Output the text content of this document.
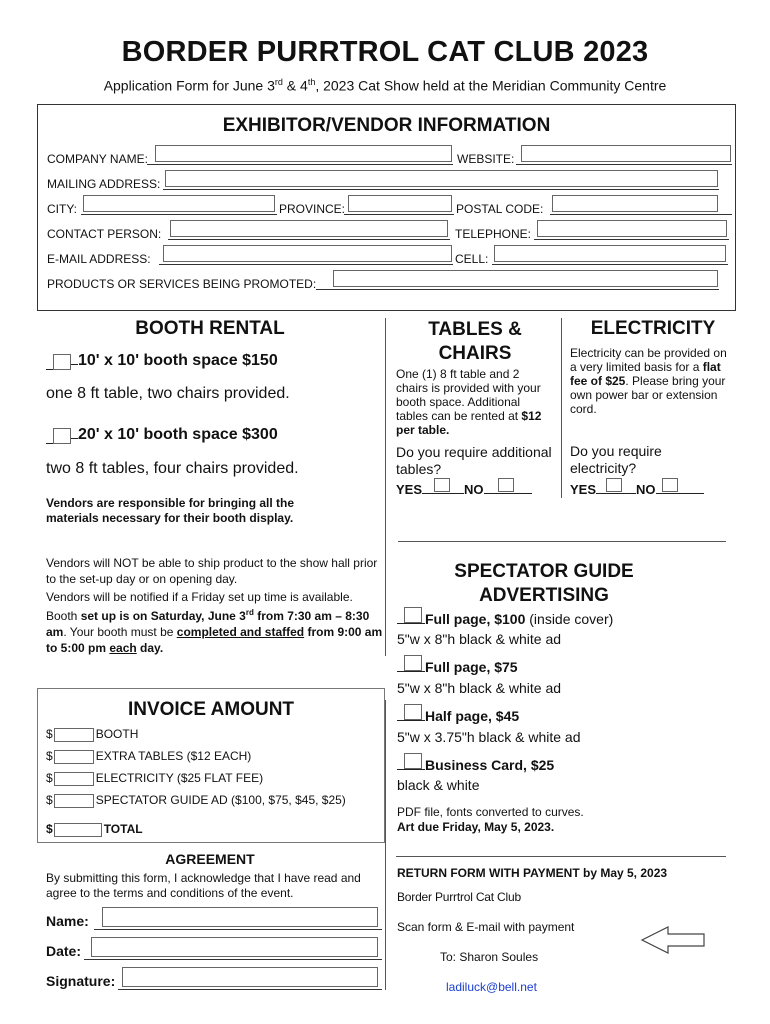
BORDER PURRTROL CAT CLUB 2023
Application Form for June 3rd & 4th, 2023 Cat Show held at the Meridian Community Centre
EXHIBITOR/VENDOR INFORMATION
COMPANY NAME:	WEBSITE:
MAILING ADDRESS:
CITY:	PROVINCE:	POSTAL CODE:
CONTACT PERSON:	TELEPHONE:
E-MAIL ADDRESS:	CELL:
PRODUCTS OR SERVICES BEING PROMOTED:
BOOTH RENTAL
10' x 10' booth space $150
one 8 ft table, two chairs provided.
20' x 10' booth space $300
two 8 ft tables, four chairs provided.
Vendors are responsible for bringing all the materials necessary for their booth display.
Vendors will NOT be able to ship product to the show hall prior to the set-up day or on opening day.
Vendors will be notified if a Friday set up time is available. Booth set up is on Saturday, June 3rd from 7:30 am – 8:30 am. Your booth must be completed and staffed from 9:00 am to 5:00 pm each day.
TABLES &
CHAIRS
One (1) 8 ft table and 2 chairs is provided with your booth space. Additional tables can be rented at $12 per table.
Do you require additional tables?
YES	NO
ELECTRICITY
Electricity can be provided on a very limited basis for a flat fee of $25. Please bring your own power bar or extension cord.
Do you require electricity?
YES	NO
SPECTATOR GUIDE
ADVERTISING
Full page, $100 (inside cover)
5"w x 8"h black & white ad
Full page, $75
5"w x 8"h black & white ad
Half page, $45
5"w x 3.75"h black & white ad
Business Card, $25
black & white
PDF file, fonts converted to curves.
Art due Friday, May 5, 2023.
RETURN FORM WITH PAYMENT by May 5, 2023
Border Purrtrol Cat Club
Scan form & E-mail with payment
To: Sharon Soules
ladiluck@bell.net
INVOICE AMOUNT
$	BOOTH
$	EXTRA TABLES ($12 EACH)
$	ELECTRICITY ($25 FLAT FEE)
$	SPECTATOR GUIDE AD ($100, $75, $45, $25)
$	TOTAL
AGREEMENT
By submitting this form, I acknowledge that I have read and agree to the terms and conditions of the event.
Name:
Date:
Signature:
